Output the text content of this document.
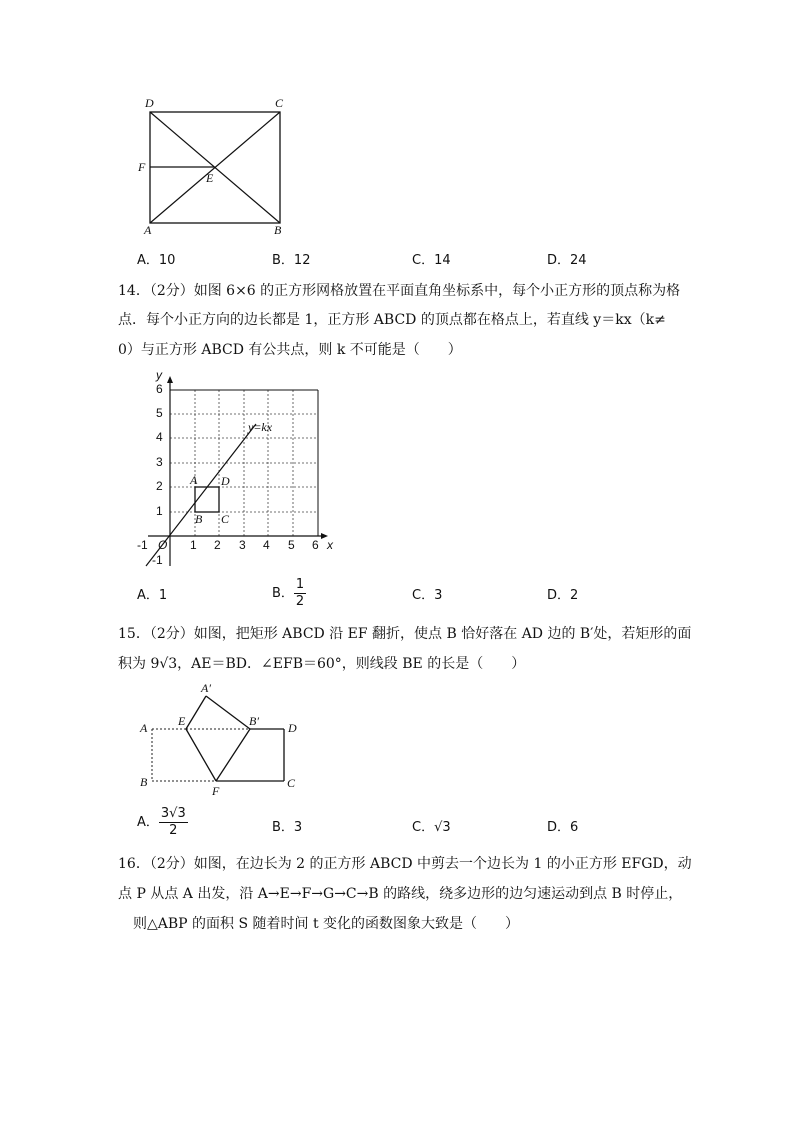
D	C
F
E
A	B
A．10	B．12	C．14	D．24
14．（2分）如图 6×6 的正方形网格放置在平面直角坐标系中，每个小正方形的顶点称为格
点．每个小正方向的边长都是 1，正方形 ABCD 的顶点都在格点上，若直线 y＝kx（k≠
0）与正方形 ABCD 有公共点，则 k 不可能是（　　）
y
6
5
4
3
2
1
-1
-1 O 1 2 3 4 5 6 x
y=kx
A D
B C
A．1	B． $\frac{1}{2}$	C．3	D．2
15．（2分）如图，把矩形 ABCD 沿 EF 翻折，使点 B 恰好落在 AD 边的 B′处，若矩形的面
积为 9√3，AE＝BD．∠EFB＝60°，则线段 BE 的长是（　　）
A′
A	E	B′ D
B
F
C
A． $\frac{3√3}{2}$	B．3	C．√3	D．6
16．（2分）如图，在边长为 2 的正方形 ABCD 中剪去一个边长为 1 的小正方形 EFGD，动
点 P 从点 A 出发，沿 A→E→F→G→C→B 的路线，绕多边形的边匀速运动到点 B 时停止，
则△ABP 的面积 S 随着时间 t 变化的函数图象大致是（　　）
